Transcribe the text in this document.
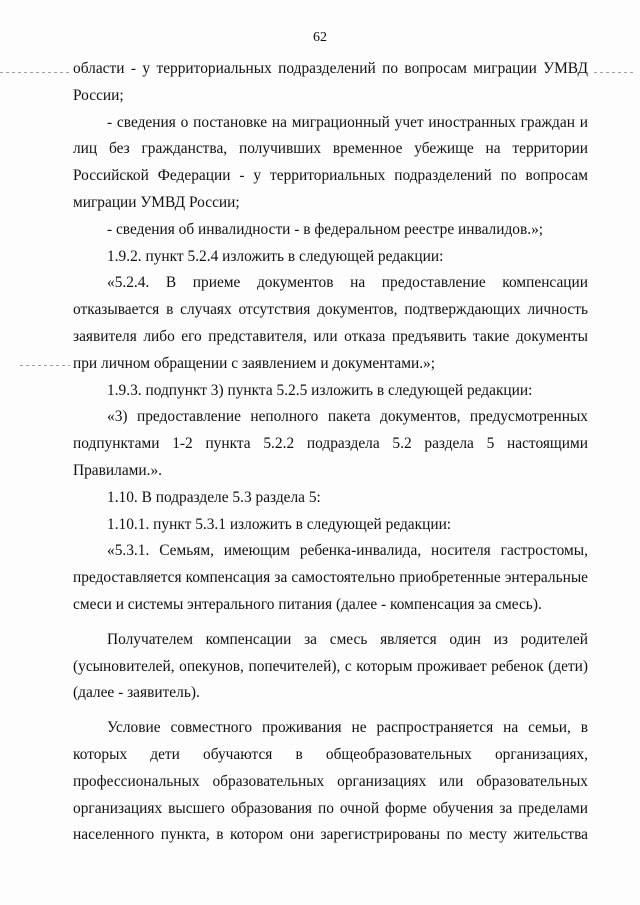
62
области - у территориальных подразделений по вопросам миграции УМВД
России;
- сведения о постановке на миграционный учет иностранных граждан и
лиц без гражданства, получивших временное убежище на территории
Российской Федерации - у территориальных подразделений по вопросам
миграции УМВД России;
- сведения об инвалидности - в федеральном реестре инвалидов.»;
1.9.2. пункт 5.2.4 изложить в следующей редакции:
«5.2.4. В приеме документов на предоставление компенсации
отказывается в случаях отсутствия документов, подтверждающих личность
заявителя либо его представителя, или отказа предъявить такие документы
при личном обращении с заявлением и документами.»;
1.9.3. подпункт 3) пункта 5.2.5 изложить в следующей редакции:
«3) предоставление неполного пакета документов, предусмотренных
подпунктами 1-2 пункта 5.2.2 подраздела 5.2 раздела 5 настоящими
Правилами.».
1.10. В подразделе 5.3 раздела 5:
1.10.1. пункт 5.3.1 изложить в следующей редакции:
«5.3.1. Семьям, имеющим ребенка-инвалида, носителя гастростомы,
предоставляется компенсация за самостоятельно приобретенные энтеральные
смеси и системы энтерального питания (далее - компенсация за смесь).
Получателем компенсации за смесь является один из родителей
(усыновителей, опекунов, попечителей), с которым проживает ребенок (дети)
(далее - заявитель).
Условие совместного проживания не распространяется на семьи, в
которых дети обучаются в общеобразовательных организациях,
профессиональных образовательных организациях или образовательных
организациях высшего образования по очной форме обучения за пределами
населенного пункта, в котором они зарегистрированы по месту жительства
